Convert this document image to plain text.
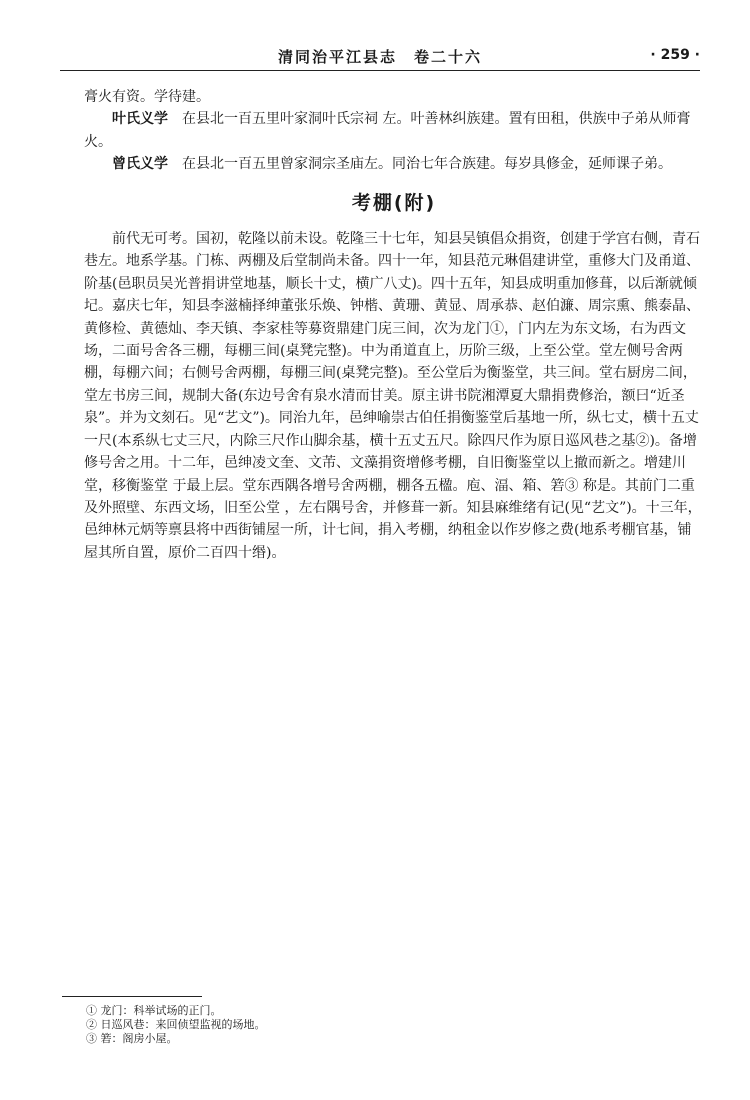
清同治平江县志　卷二十六	· 259 ·

膏火有资。学待建。

叶氏义学 在县北一百五里叶家洞叶氏宗祠 左。叶善林纠族建。置有田租，供族中子弟从师膏火。

曾氏义学 在县北一百五里曾家洞宗圣庙左。同治七年合族建。每岁具修金，延师课子弟。

考棚(附)

前代无可考。国初，乾隆以前未设。乾隆三十七年，知县吴镇倡众捐资，创建于学宫右侧，青石巷左。地系学基。门栋、两棚及后堂制尚未备。四十一年，知县范元琳倡建讲堂，重修大门及甬道、阶基(邑职员吴光普捐讲堂地基，顺长十丈，横广八丈)。四十五年，知县成明重加修葺，以后渐就倾圮。嘉庆七年，知县李滋楠择绅董张乐焕、钟楷、黄珊、黄显、周承恭、赵伯濂、周宗熏、熊泰晶、黄修检、黄德灿、李天镇、李家桂等募资鼎建门庑三间，次为龙门①，门内左为东文场，右为西文场，二面号舍各三棚，每棚三间(桌凳完整)。中为甬道直上，历阶三级，上至公堂。堂左侧号舍两棚，每棚六间；右侧号舍两棚，每棚三间(桌凳完整)。至公堂后为衡鉴堂，共三间。堂右厨房二间，堂左书房三间，规制大备(东边号舍有泉水清而甘美。原主讲书院湘潭夏大鼎捐费修治，额曰“近圣泉”。并为文刻石。见“艺文”)。同治九年，邑绅喻崇古伯任捐衡鉴堂后基地一所，纵七丈，横十五丈一尺(本系纵七丈三尺，内除三尺作山脚余基，横十五丈五尺。除四尺作为原日巡风巷之基②)。备增修号舍之用。十二年，邑绅凌文奎、文芾、文藻捐资增修考棚，自旧衡鉴堂以上撤而新之。增建川堂，移衡鉴堂 于最上层。堂东西隅各增号舍两棚，棚各五楹。庖、湢、箱、箬③ 称是。其前门二重及外照壁、东西文场，旧至公堂 ，左右隅号舍，并修葺一新。知县麻维绪有记(见“艺文”)。十三年，邑绅林元炳等禀县将中西街铺屋一所，计七间，捐入考棚，纳租金以作岁修之费(地系考棚官基，铺屋其所自置，原价二百四十缗)。

① 龙门：科举试场的正门。
② 日巡风巷：来回侦望监视的场地。
③ 箬：阁房小屋。
